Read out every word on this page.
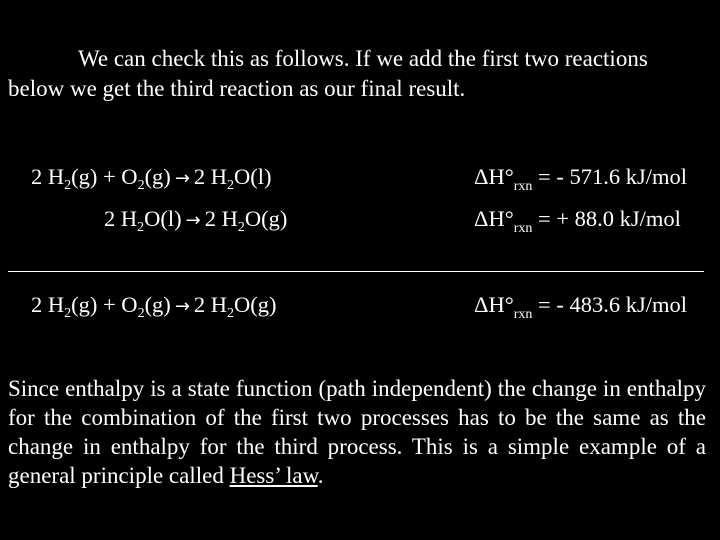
We can check this as follows. If we add the first two reactions below we get the third reaction as our final result.

2 $H_2(g) + O_2(g) \to 2$ $H_2O(l)$	$\Delta H^\circ_{rxn}$ = - 571.6 kJ/mol
2 $H_2O(l) \to 2$ $H_2O(g)$	$\Delta H^\circ_{rxn}$ = + 88.0 kJ/mol
2 $H_2(g) + O_2(g) \to 2$ $H_2O(g)$	$\Delta H^\circ_{rxn}$ = - 483.6 kJ/mol

Since enthalpy is a state function (path independent) the change in enthalpy for the combination of the first two processes has to be the same as the change in enthalpy for the third process. This is a simple example of a general principle called Hess’ law.
